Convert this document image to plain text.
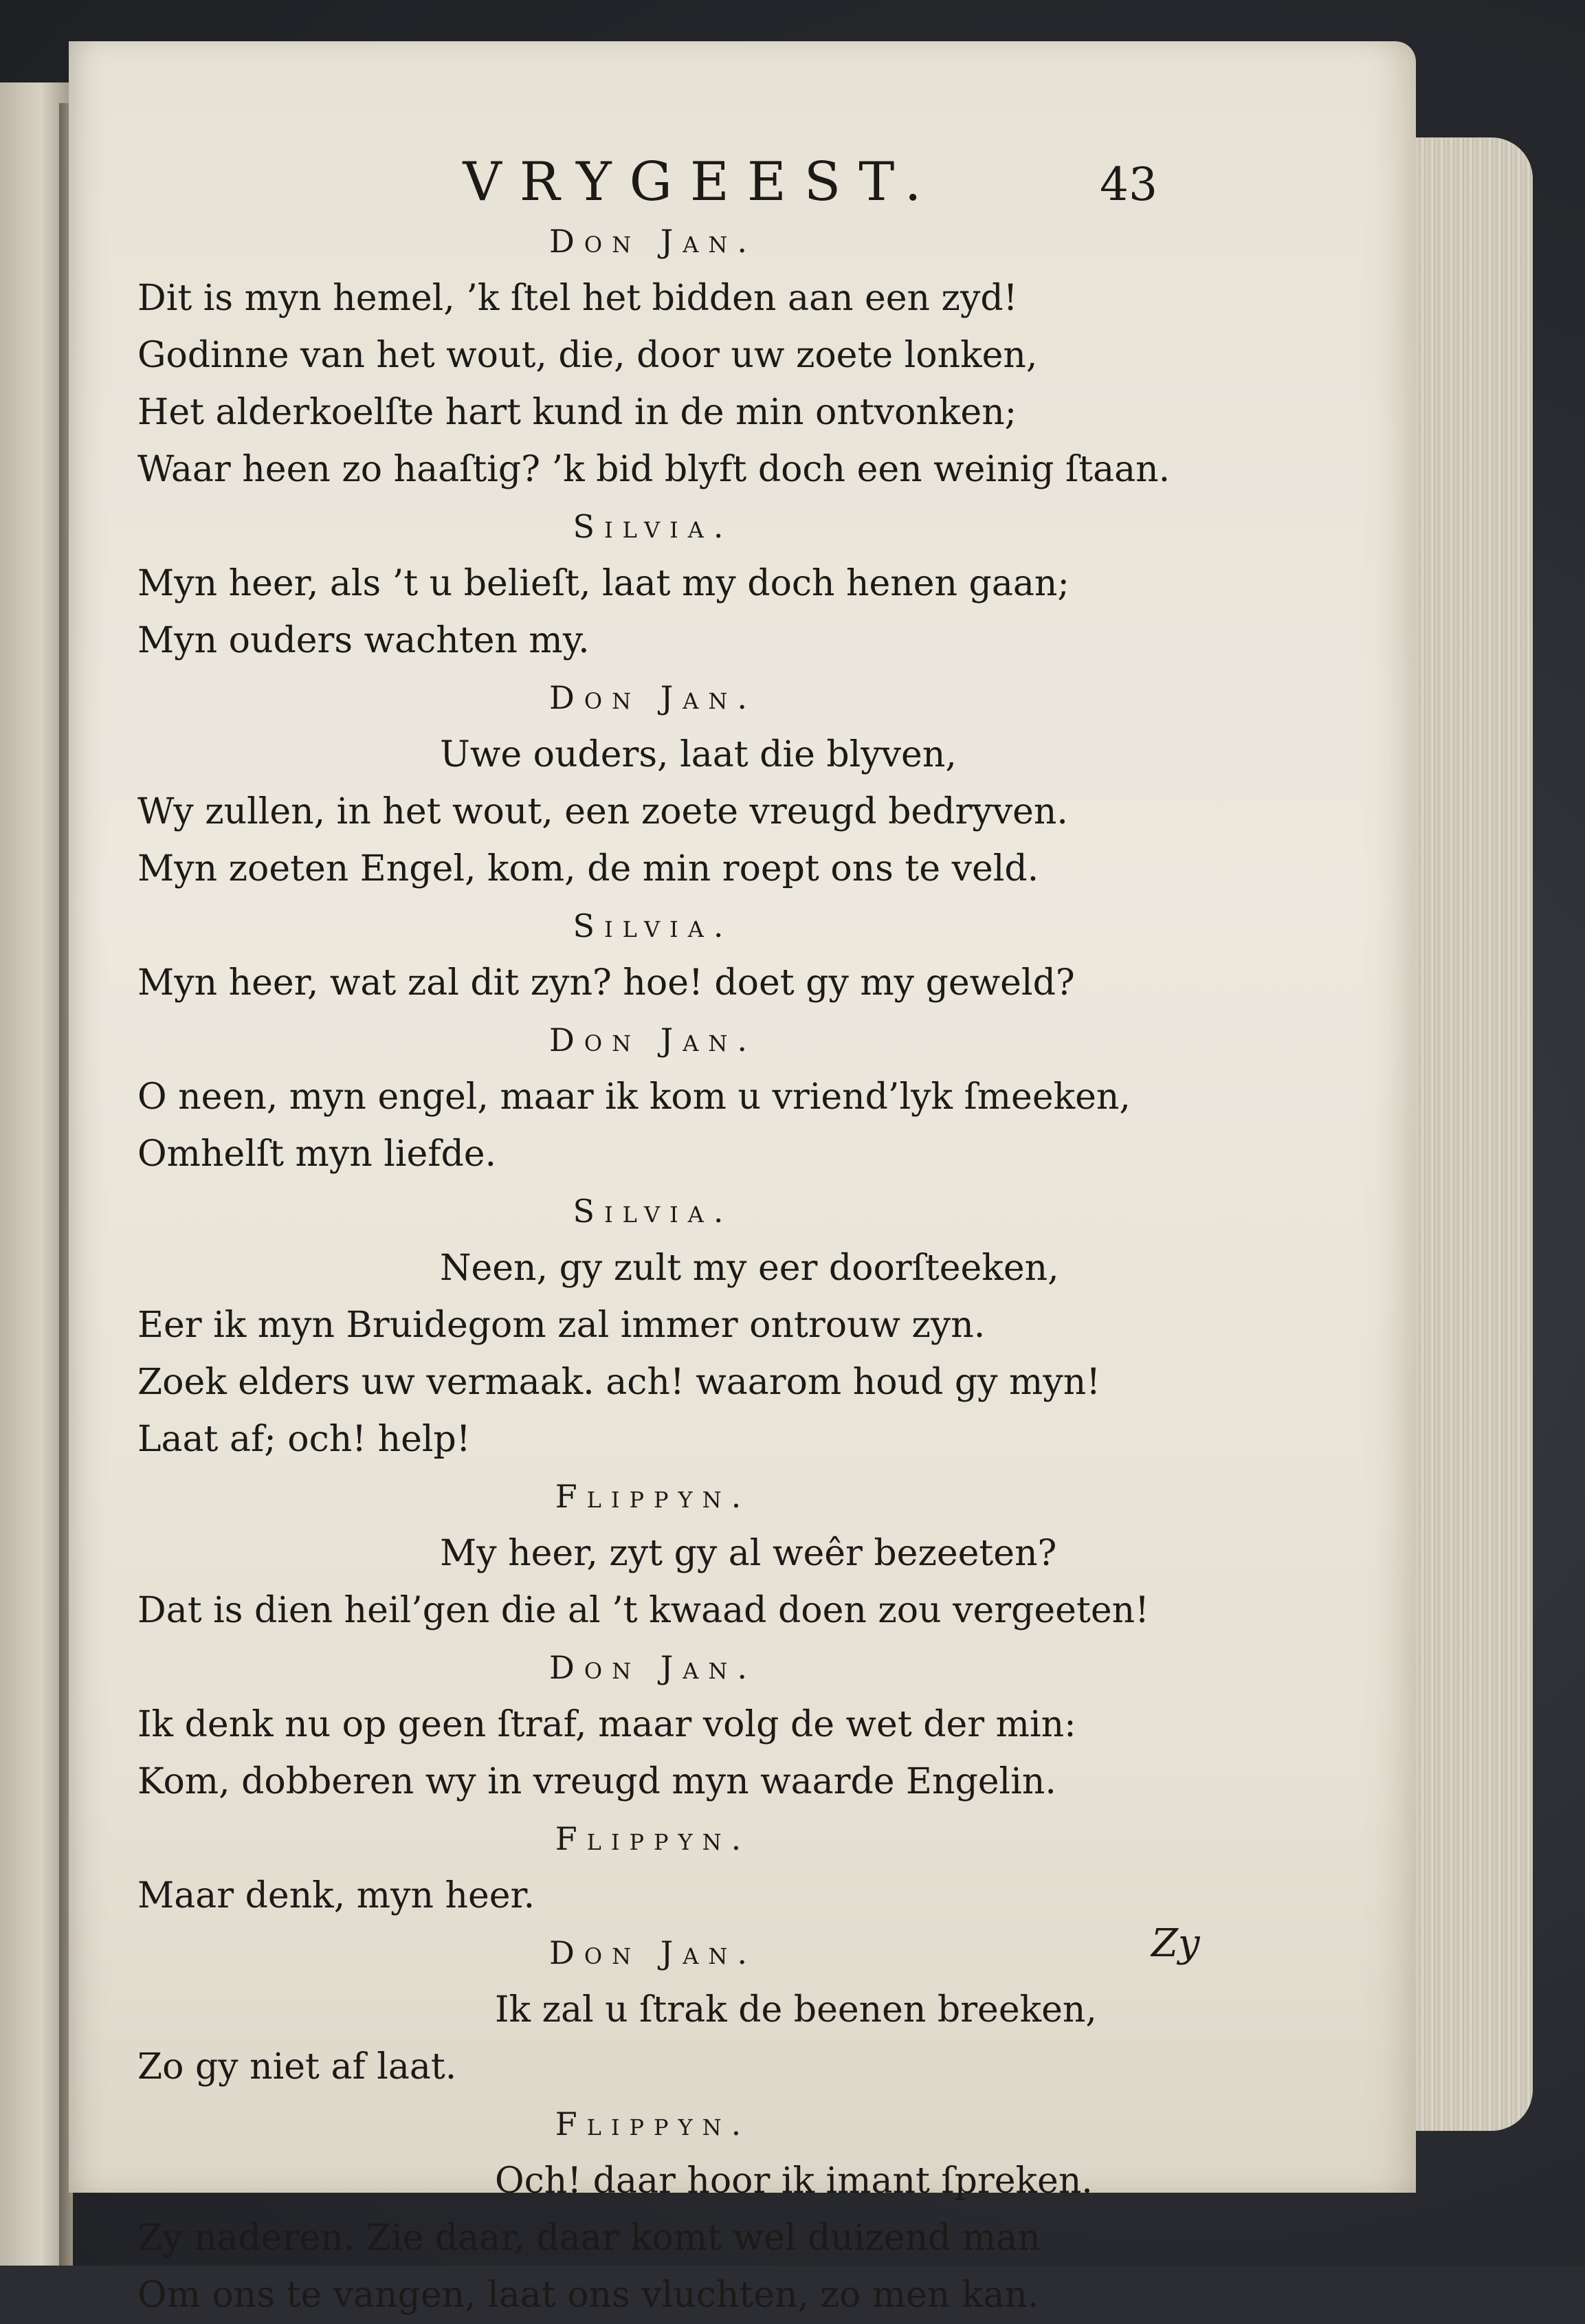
VRYGEEST.	43

Don Jan.

Dit is myn hemel, ’k ſtel het bidden aan een zyd!

Godinne van het wout, die, door uw zoete lonken,

Het alderkoelſte hart kund in de min ontvonken;

Waar heen zo haaſtig? ’k bid blyft doch een weinig ſtaan.

Silvia.

Myn heer, als ’t u belieſt, laat my doch henen gaan;

Myn ouders wachten my.

Don Jan.

Uwe ouders, laat die blyven,

Wy zullen, in het wout, een zoete vreugd bedryven.

Myn zoeten Engel, kom, de min roept ons te veld.

Silvia.

Myn heer, wat zal dit zyn? hoe! doet gy my geweld?

Don Jan.

O neen, myn engel, maar ik kom u vriend’lyk ſmeeken,

Omhelſt myn liefde.

Silvia.

Neen, gy zult my eer doorſteeken,

Eer ik myn Bruidegom zal immer ontrouw zyn.

Zoek elders uw vermaak. ach! waarom houd gy myn!

Laat af; och! help!

Flippyn.

My heer, zyt gy al weêr bezeeten?

Dat is dien heil’gen die al ’t kwaad doen zou vergeeten!

Don Jan.

Ik denk nu op geen ſtraf, maar volg de wet der min:

Kom, dobberen wy in vreugd myn waarde Engelin.

Flippyn.

Maar denk, myn heer.

Don Jan.

Ik zal u ſtrak de beenen breeken,

Zo gy niet af laat.

Flippyn.

Och! daar hoor ik imant ſpreken.

Zy naderen. Zie daar, daar komt wel duizend man

Om ons te vangen, laat ons vluchten, zo men kan.

Zy
